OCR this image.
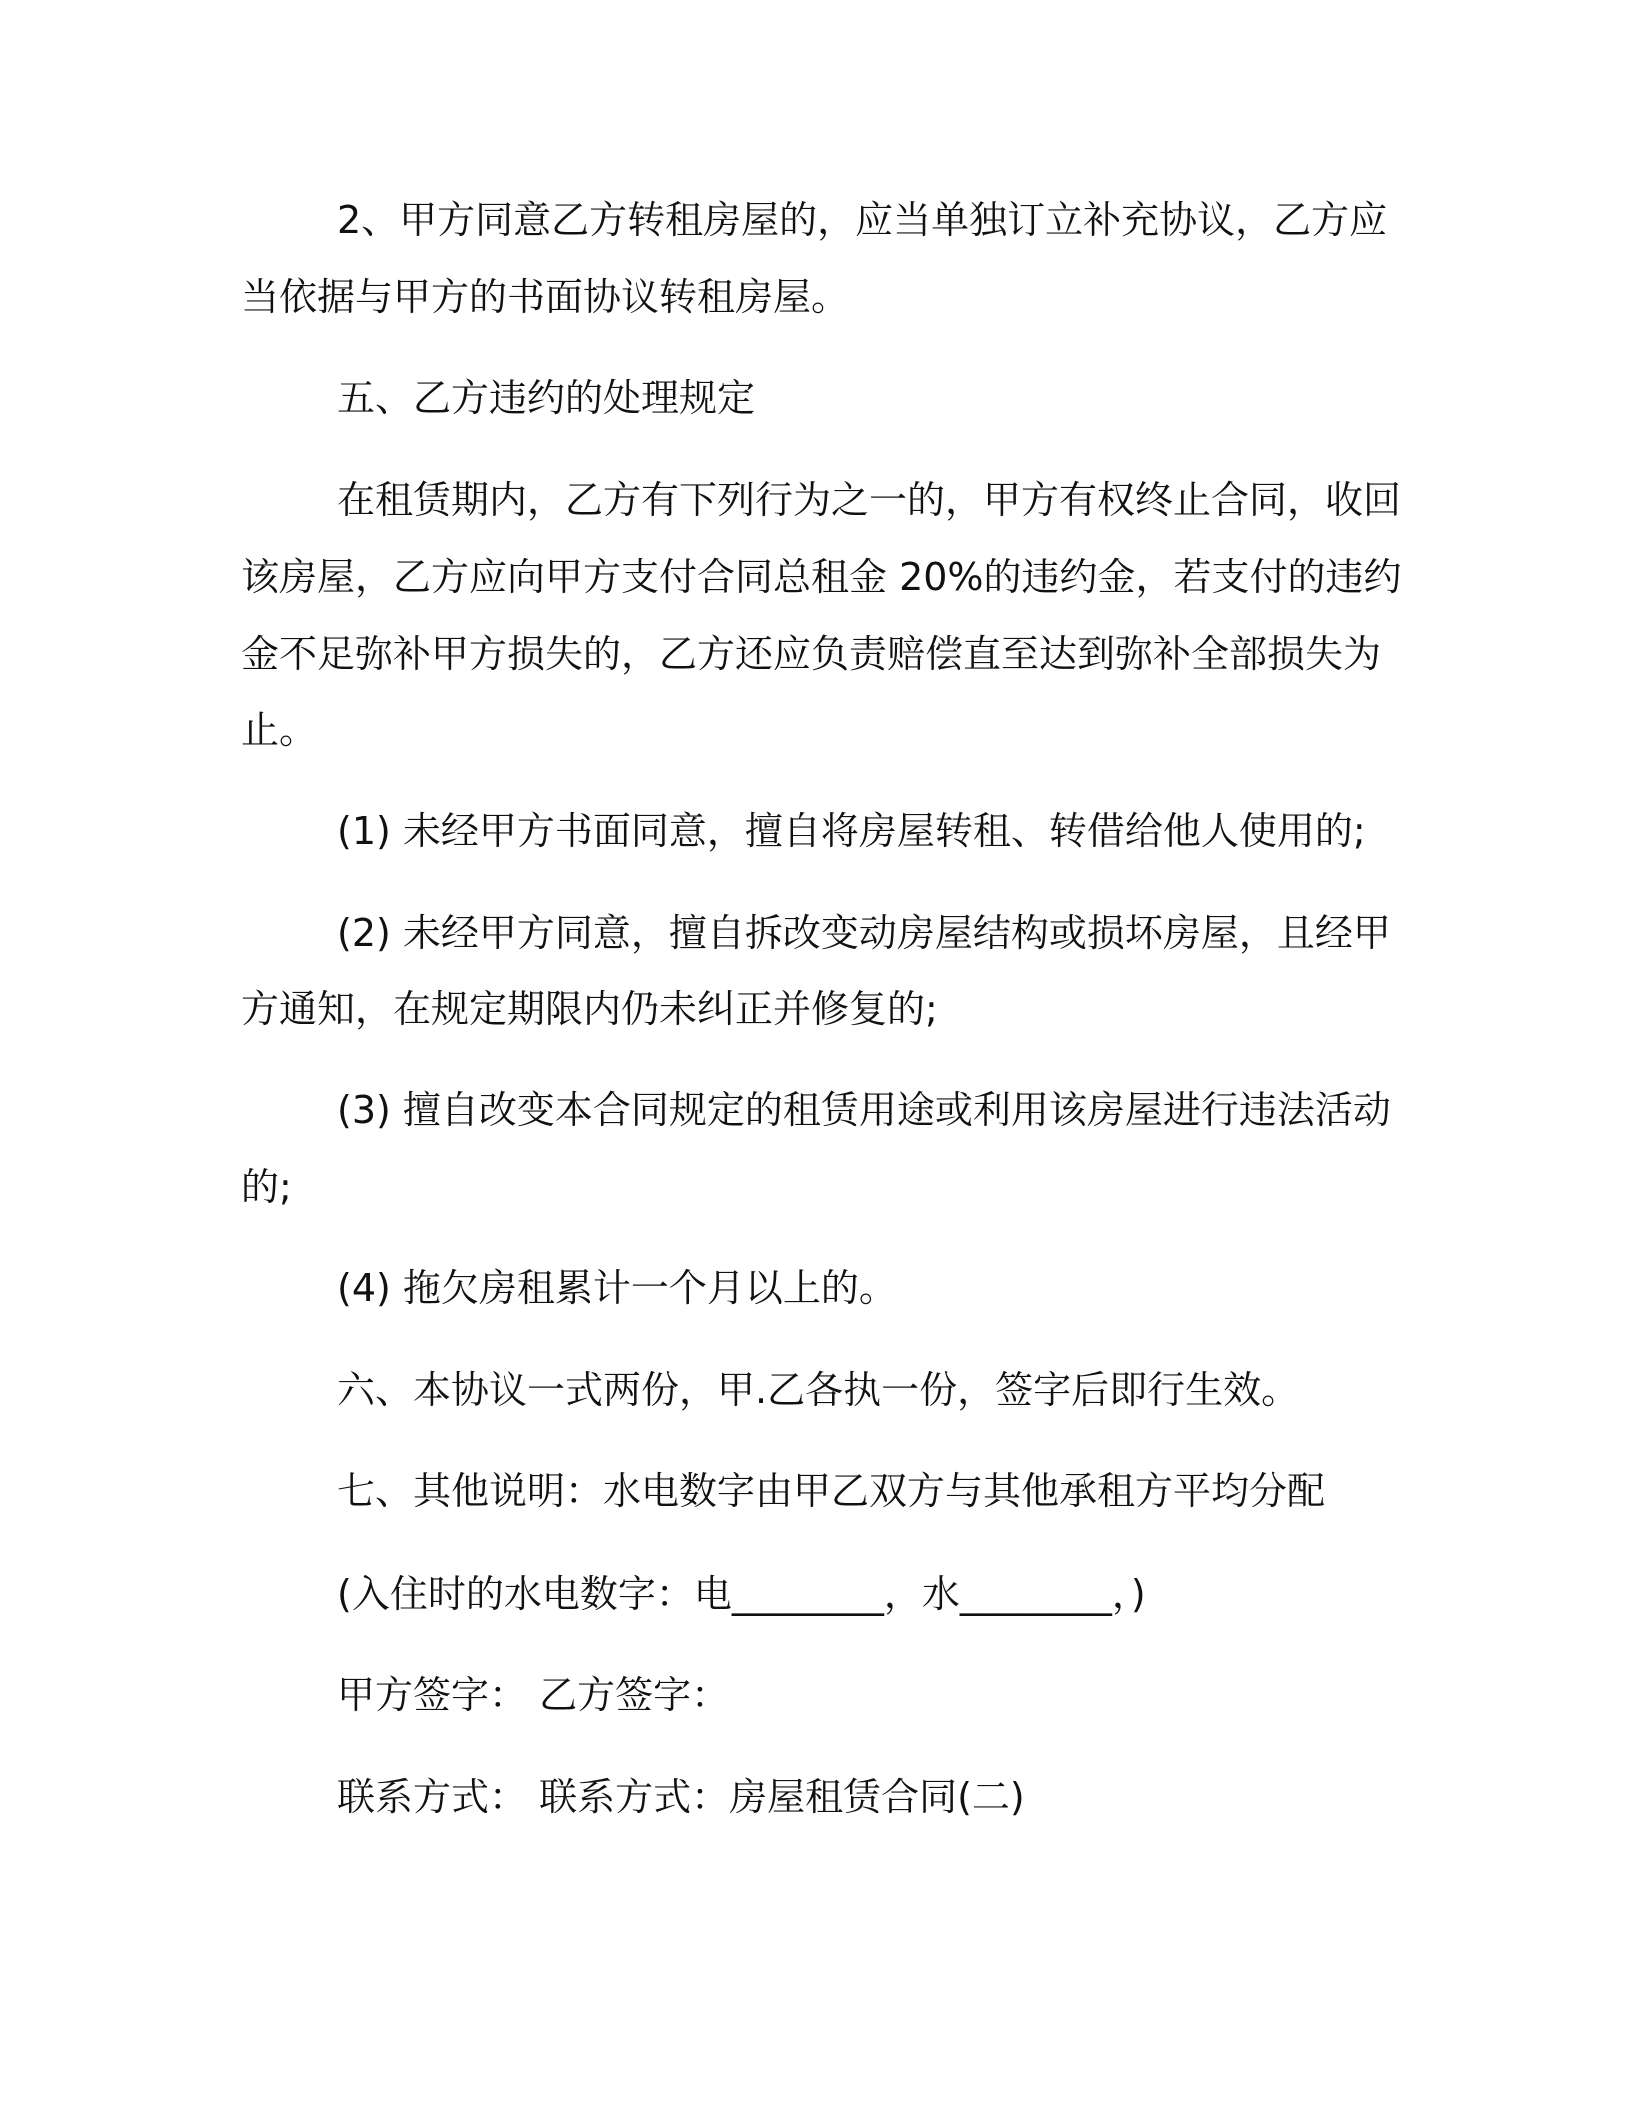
2、甲方同意乙方转租房屋的，应当单独订立补充协议，乙方应
当依据与甲方的书面协议转租房屋。
五、乙方违约的处理规定
在租赁期内，乙方有下列行为之一的，甲方有权终止合同，收回
该房屋，乙方应向甲方支付合同总租金 20%的违约金，若支付的违约
金不足弥补甲方损失的，乙方还应负责赔偿直至达到弥补全部损失为
止。
(1) 未经甲方书面同意，擅自将房屋转租、转借给他人使用的;
(2) 未经甲方同意，擅自拆改变动房屋结构或损坏房屋，且经甲
方通知，在规定期限内仍未纠正并修复的;
(3) 擅自改变本合同规定的租赁用途或利用该房屋进行违法活动
的;
(4) 拖欠房租累计一个月以上的。
六、本协议一式两份，甲.乙各执一份，签字后即行生效。
七、其他说明：水电数字由甲乙双方与其他承租方平均分配
(入住时的水电数字：电________，水________，)
甲方签字： 乙方签字：
联系方式： 联系方式：房屋租赁合同(二)
